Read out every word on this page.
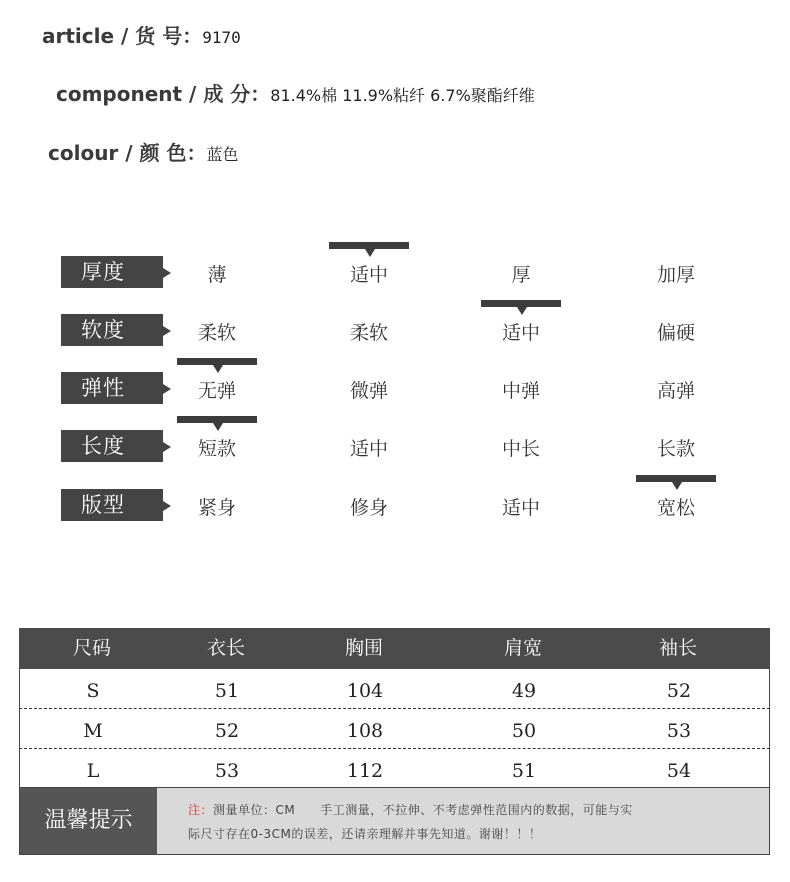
article / 货 号：9170
component / 成 分：81.4%棉 11.9%粘纤 6.7%聚酯纤维
colour / 颜 色：蓝色
厚度	薄	适中	厚	加厚
软度	柔软	柔软	适中	偏硬
弹性	无弹	微弹	中弹	高弹
长度	短款	适中	中长	长款
版型	紧身	修身	适中	宽松
尺码	衣长	胸围	肩宽	袖长
S	51	104	49	52
M	52	108	50	53
L	53	112	51	54
温馨提示	注：测量单位：CM　　手工测量，不拉伸、不考虑弹性范围内的数据，可能与实
际尺寸存在0-3CM的误差，还请亲理解并事先知道。谢谢！！！
